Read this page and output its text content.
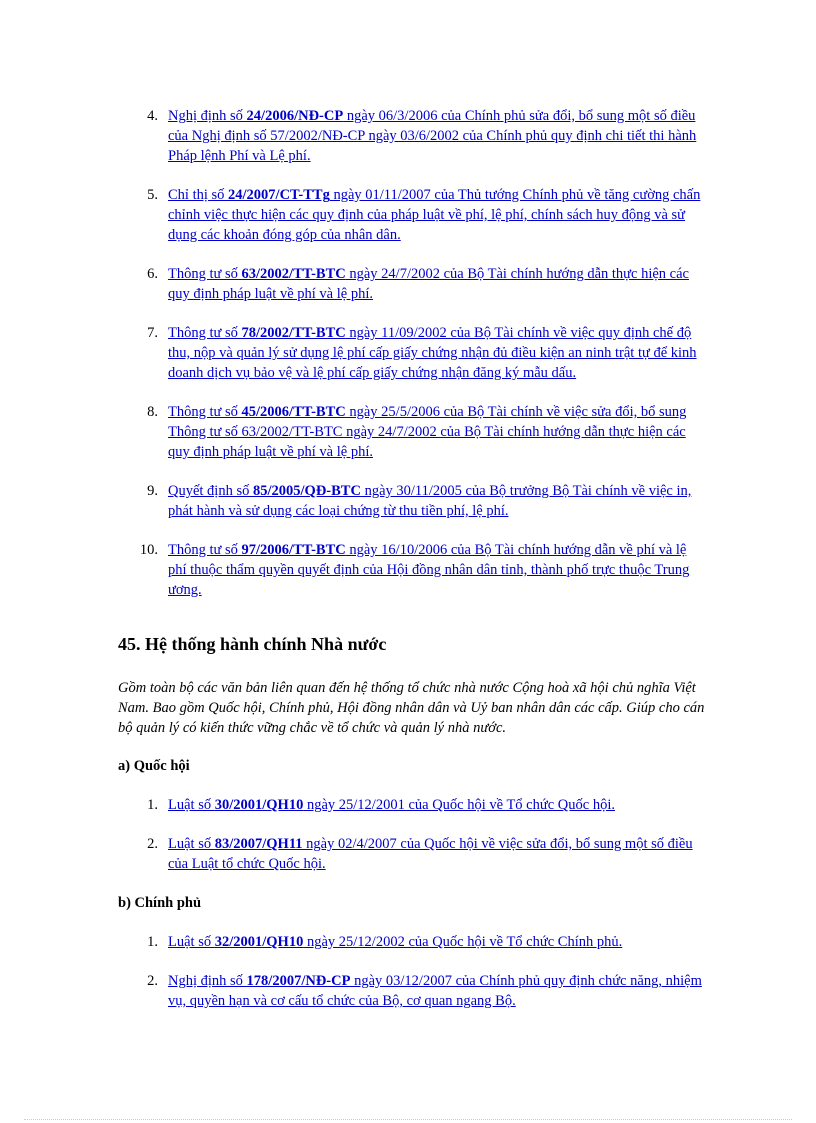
4. Nghị định số 24/2006/NĐ-CP ngày 06/3/2006 của Chính phủ sửa đổi, bổ sung một số điều của Nghị định số 57/2002/NĐ-CP ngày 03/6/2002 của Chính phủ quy định chi tiết thi hành Pháp lệnh Phí và Lệ phí.
5. Chỉ thị số 24/2007/CT-TTg ngày 01/11/2007 của Thủ tướng Chính phủ về tăng cường chấn chỉnh việc thực hiện các quy định của pháp luật về phí, lệ phí, chính sách huy động và sử dụng các khoản đóng góp của nhân dân.
6. Thông tư số 63/2002/TT-BTC ngày 24/7/2002 của Bộ Tài chính hướng dẫn thực hiện các quy định pháp luật về phí và lệ phí.
7. Thông tư số 78/2002/TT-BTC ngày 11/09/2002 của Bộ Tài chính về việc quy định chế độ thu, nộp và quản lý sử dụng lệ phí cấp giấy chứng nhận đủ điều kiện an ninh trật tự để kinh doanh dịch vụ bảo vệ và lệ phí cấp giấy chứng nhận đăng ký mẫu dấu.
8. Thông tư số 45/2006/TT-BTC ngày 25/5/2006 của Bộ Tài chính về việc sửa đổi, bổ sung Thông tư số 63/2002/TT-BTC ngày 24/7/2002 của Bộ Tài chính hướng dẫn thực hiện các quy định pháp luật về phí và lệ phí.
9. Quyết định số 85/2005/QĐ-BTC ngày 30/11/2005 của Bộ trưởng Bộ Tài chính về việc in, phát hành và sử dụng các loại chứng từ thu tiền phí, lệ phí.
10. Thông tư số 97/2006/TT-BTC ngày 16/10/2006 của Bộ Tài chính hướng dẫn về phí và lệ phí thuộc thẩm quyền quyết định của Hội đồng nhân dân tỉnh, thành phố trực thuộc Trung ương.
45. Hệ thống hành chính Nhà nước

Gồm toàn bộ các văn bản liên quan đến hệ thống tổ chức nhà nước Cộng hoà xã hội chủ nghĩa Việt Nam. Bao gồm Quốc hội, Chính phủ, Hội đồng nhân dân và Uỷ ban nhân dân các cấp. Giúp cho cán bộ quản lý có kiến thức vững chắc về tổ chức và quản lý nhà nước.

a) Quốc hội
1. Luật số 30/2001/QH10 ngày 25/12/2001 của Quốc hội về Tổ chức Quốc hội.
2. Luật số 83/2007/QH11 ngày 02/4/2007 của Quốc hội về việc sửa đổi, bổ sung một số điều của Luật tổ chức Quốc hội.
b) Chính phủ
1. Luật số 32/2001/QH10 ngày 25/12/2002 của Quốc hội về Tổ chức Chính phủ.
2. Nghị định số 178/2007/NĐ-CP ngày 03/12/2007 của Chính phủ quy định chức năng, nhiệm vụ, quyền hạn và cơ cấu tổ chức của Bộ, cơ quan ngang Bộ.
